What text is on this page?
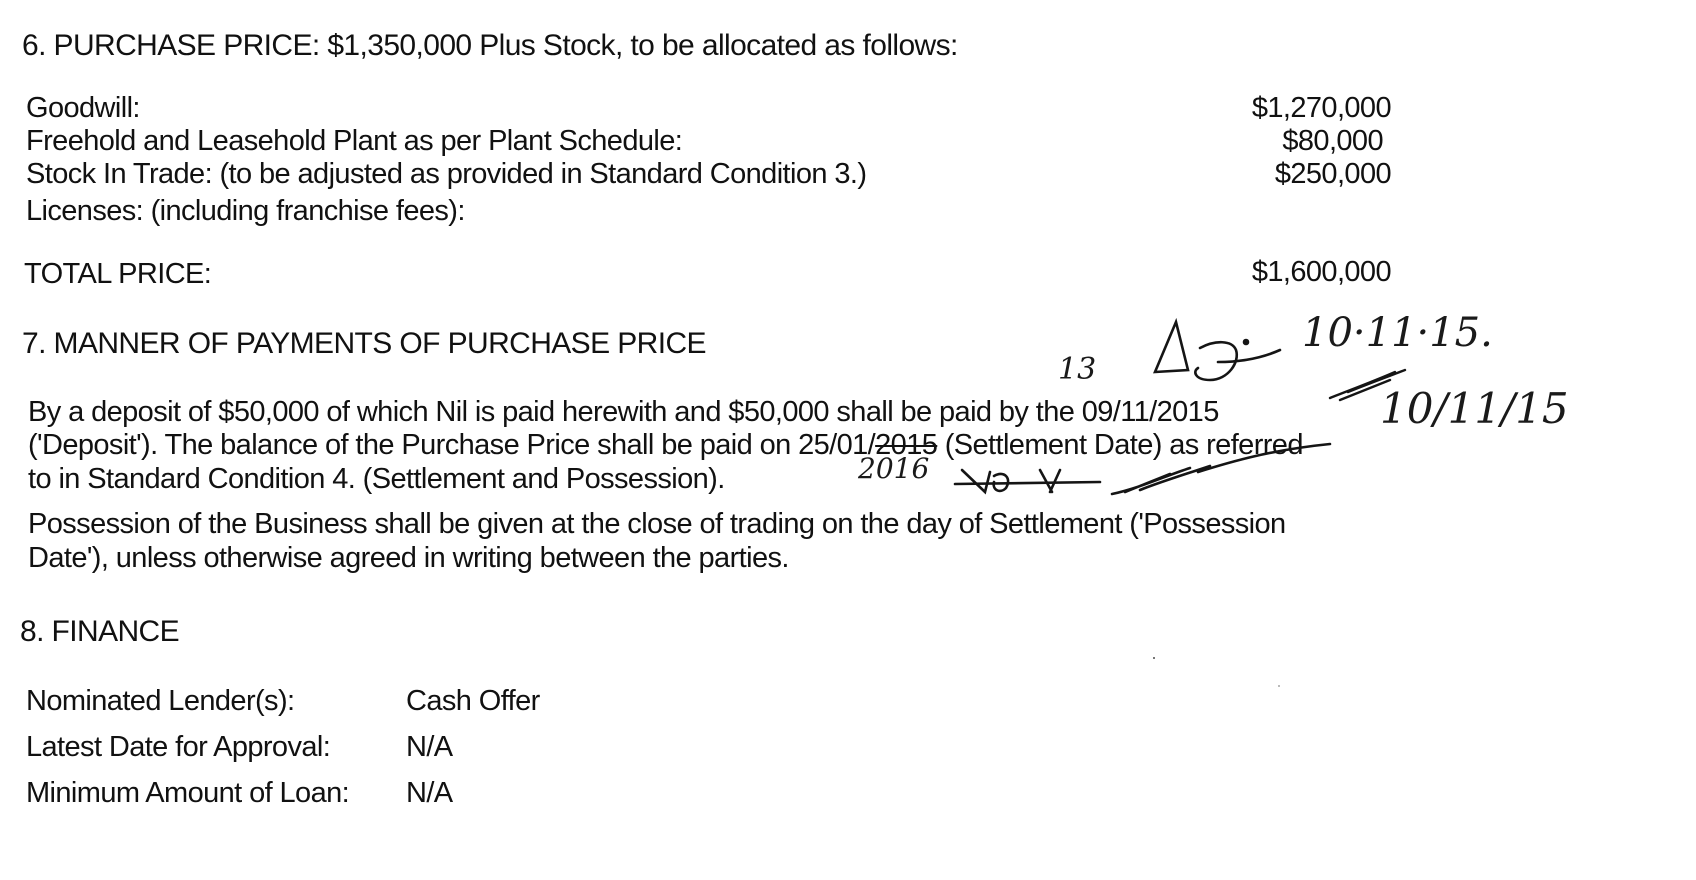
6. PURCHASE PRICE: $1,350,000 Plus Stock, to be allocated as follows:
Goodwill:	$1,270,000
Freehold and Leasehold Plant as per Plant Schedule:	$80,000
Stock In Trade: (to be adjusted as provided in Standard Condition 3.)	$250,000
Licenses: (including franchise fees):
TOTAL PRICE:	$1,600,000
7. MANNER OF PAYMENTS OF PURCHASE PRICE
By a deposit of $50,000 of which Nil is paid herewith and $50,000 shall be paid by the 09/11/2015
('Deposit'). The balance of the Purchase Price shall be paid on 25/01/2015 (Settlement Date) as referred
to in Standard Condition 4. (Settlement and Possession).
Possession of the Business shall be given at the close of trading on the day of Settlement ('Possession
Date'), unless otherwise agreed in writing between the parties.
8. FINANCE
Nominated Lender(s):	Cash Offer
Latest Date for Approval:	N/A
Minimum Amount of Loan: N/A
10·11·15.
13
10/11/15
2016
